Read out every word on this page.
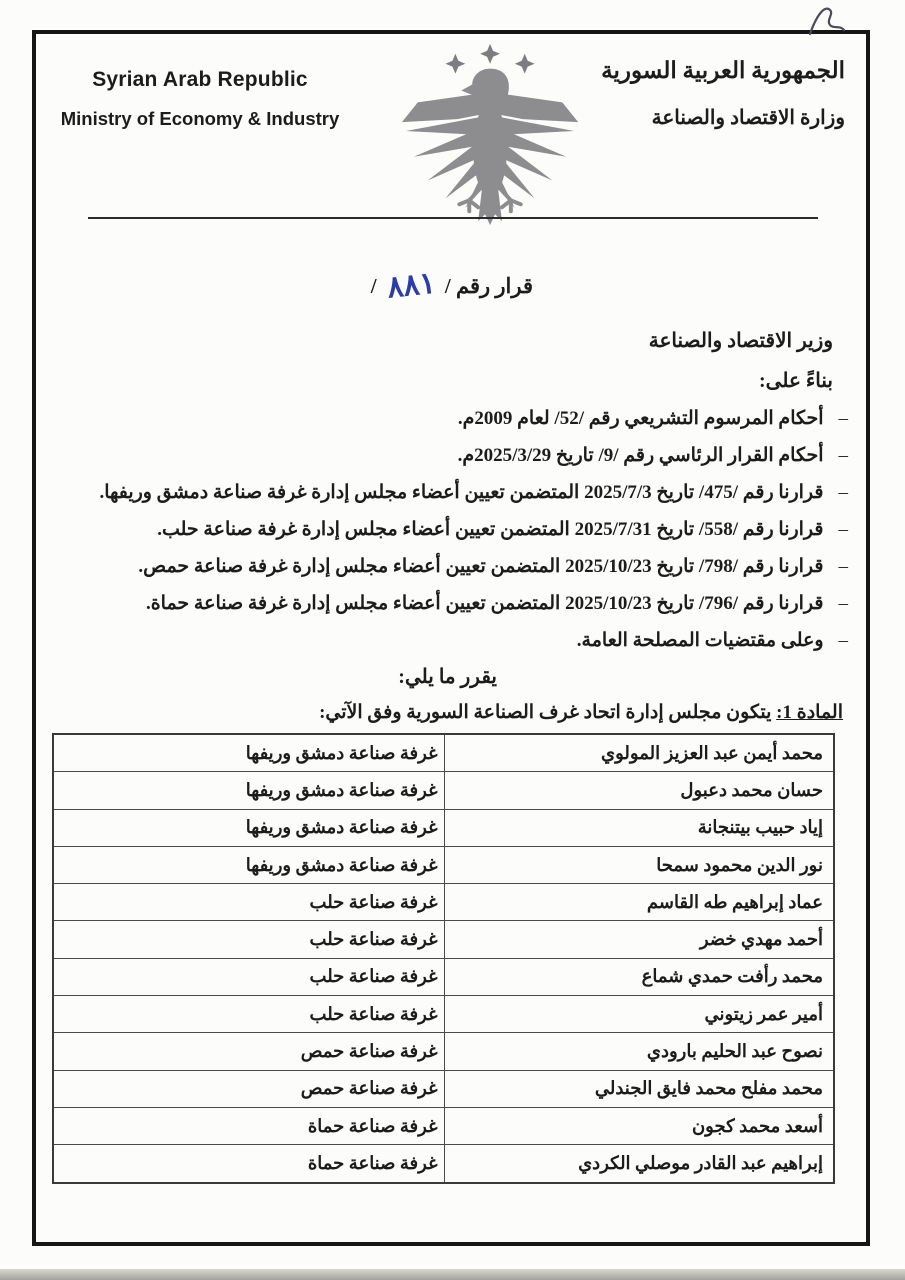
Syrian Arab Republic
Ministry of Economy & Industry
الجمهورية العربية السورية
وزارة الاقتصاد والصناعة
قرار رقم /٨٨١/
وزير الاقتصاد والصناعة
بناءً على:
–أحكام المرسوم التشريعي رقم /52/ لعام 2009م.
–أحكام القرار الرئاسي رقم /9/ تاريخ 2025/3/29م.
–قرارنا رقم /475/ تاريخ 2025/7/3 المتضمن تعيين أعضاء مجلس إدارة غرفة صناعة دمشق وريفها.
–قرارنا رقم /558/ تاريخ 2025/7/31 المتضمن تعيين أعضاء مجلس إدارة غرفة صناعة حلب.
–قرارنا رقم /798/ تاريخ 2025/10/23 المتضمن تعيين أعضاء مجلس إدارة غرفة صناعة حمص.
–قرارنا رقم /796/ تاريخ 2025/10/23 المتضمن تعيين أعضاء مجلس إدارة غرفة صناعة حماة.
–وعلى مقتضيات المصلحة العامة.
يقرر ما يلي:
المادة 1: يتكون مجلس إدارة اتحاد غرف الصناعة السورية وفق الآتي:
محمد أيمن عبد العزيز المولوي	غرفة صناعة دمشق وريفها
حسان محمد دعبول	غرفة صناعة دمشق وريفها
إياد حبيب بيتنجانة	غرفة صناعة دمشق وريفها
نور الدين محمود سمحا	غرفة صناعة دمشق وريفها
عماد إبراهيم طه القاسم	غرفة صناعة حلب
أحمد مهدي خضر	غرفة صناعة حلب
محمد رأفت حمدي شماع	غرفة صناعة حلب
أمير عمر زيتوني	غرفة صناعة حلب
نصوح عبد الحليم بارودي	غرفة صناعة حمص
محمد مفلح محمد فايق الجندلي	غرفة صناعة حمص
أسعد محمد كجون	غرفة صناعة حماة
إبراهيم عبد القادر موصلي الكردي	غرفة صناعة حماة
